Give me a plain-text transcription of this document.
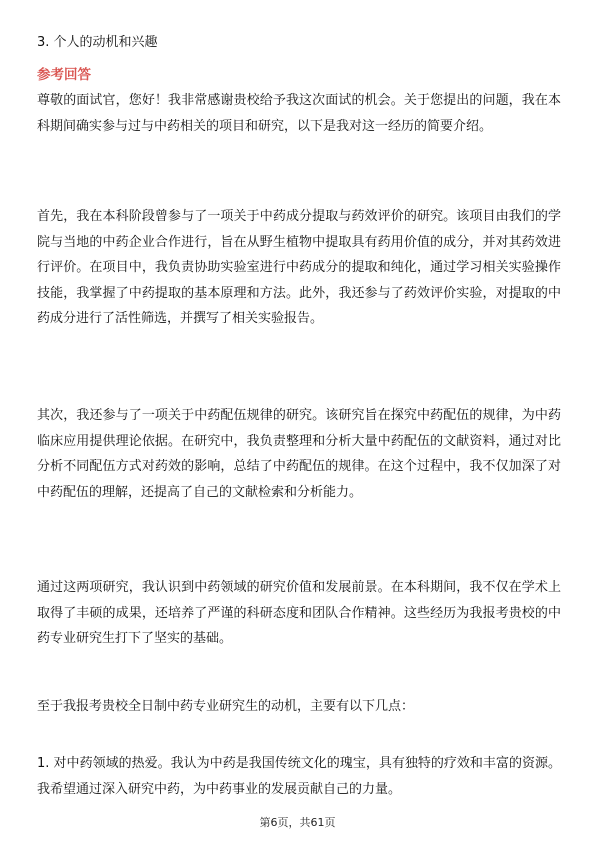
3. 个人的动机和兴趣
参考回答

尊敬的面试官，您好！我非常感谢贵校给予我这次面试的机会。关于您提出的问题，我在本科期间确实参与过与中药相关的项目和研究，以下是我对这一经历的简要介绍。

首先，我在本科阶段曾参与了一项关于中药成分提取与药效评价的研究。该项目由我们的学院与当地的中药企业合作进行，旨在从野生植物中提取具有药用价值的成分，并对其药效进行评价。在项目中，我负责协助实验室进行中药成分的提取和纯化，通过学习相关实验操作技能，我掌握了中药提取的基本原理和方法。此外，我还参与了药效评价实验，对提取的中药成分进行了活性筛选，并撰写了相关实验报告。

其次，我还参与了一项关于中药配伍规律的研究。该研究旨在探究中药配伍的规律，为中药临床应用提供理论依据。在研究中，我负责整理和分析大量中药配伍的文献资料，通过对比分析不同配伍方式对药效的影响，总结了中药配伍的规律。在这个过程中，我不仅加深了对中药配伍的理解，还提高了自己的文献检索和分析能力。

通过这两项研究，我认识到中药领域的研究价值和发展前景。在本科期间，我不仅在学术上取得了丰硕的成果，还培养了严谨的科研态度和团队合作精神。这些经历为我报考贵校的中药专业研究生打下了坚实的基础。

至于我报考贵校全日制中药专业研究生的动机，主要有以下几点：

1. 对中药领域的热爱。我认为中药是我国传统文化的瑰宝，具有独特的疗效和丰富的资源。我希望通过深入研究中药，为中药事业的发展贡献自己的力量。

第6页，共61页
